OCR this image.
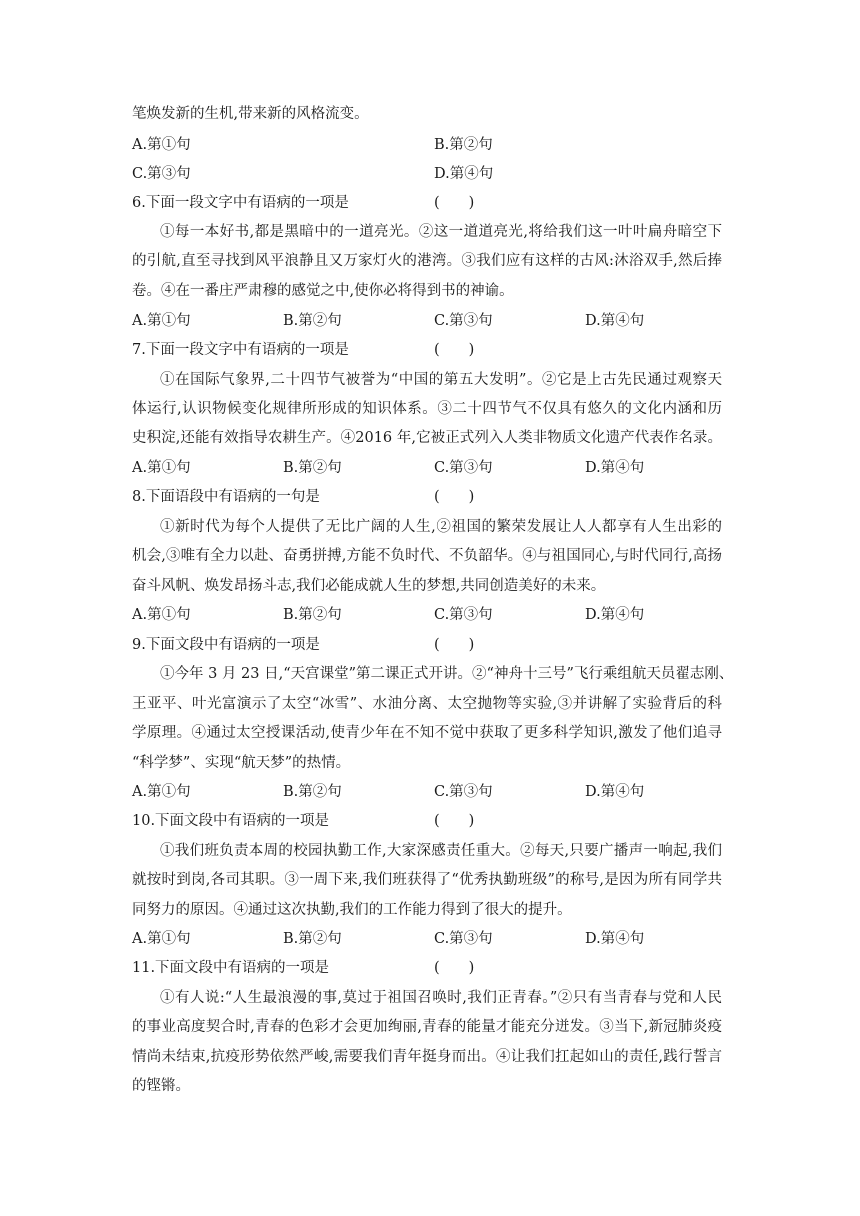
笔焕发新的生机,带来新的风格流变。
A.第①句	B.第②句
C.第③句	D.第④句
6.下面一段文字中有语病的一项是	(　　)
①每一本好书,都是黑暗中的一道亮光。②这一道道亮光,将给我们这一叶叶扁舟暗空下
的引航,直至寻找到风平浪静且又万家灯火的港湾。③我们应有这样的古风:沐浴双手,然后捧
卷。④在一番庄严肃穆的感觉之中,使你必将得到书的神谕。
A.第①句	B.第②句	C.第③句	D.第④句
7.下面一段文字中有语病的一项是	(　　)
①在国际气象界,二十四节气被誉为“中国的第五大发明”。②它是上古先民通过观察天
体运行,认识物候变化规律所形成的知识体系。③二十四节气不仅具有悠久的文化内涵和历
史积淀,还能有效指导农耕生产。④2016 年,它被正式列入人类非物质文化遗产代表作名录。
A.第①句	B.第②句	C.第③句	D.第④句
8.下面语段中有语病的一句是	(　　)
①新时代为每个人提供了无比广阔的人生,②祖国的繁荣发展让人人都享有人生出彩的
机会,③唯有全力以赴、奋勇拼搏,方能不负时代、不负韶华。④与祖国同心,与时代同行,高扬
奋斗风帆、焕发昂扬斗志,我们必能成就人生的梦想,共同创造美好的未来。
A.第①句	B.第②句	C.第③句	D.第④句
9.下面文段中有语病的一项是	(　　)
①今年 3 月 23 日,“天宫课堂”第二课正式开讲。②“神舟十三号”飞行乘组航天员翟志刚、
王亚平、叶光富演示了太空“冰雪”、水油分离、太空抛物等实验,③并讲解了实验背后的科
学原理。④通过太空授课活动,使青少年在不知不觉中获取了更多科学知识,激发了他们追寻
“科学梦”、实现“航天梦”的热情。
A.第①句	B.第②句	C.第③句	D.第④句
10.下面文段中有语病的一项是	(　　)
①我们班负责本周的校园执勤工作,大家深感责任重大。②每天,只要广播声一响起,我们
就按时到岗,各司其职。③一周下来,我们班获得了“优秀执勤班级”的称号,是因为所有同学共
同努力的原因。④通过这次执勤,我们的工作能力得到了很大的提升。
A.第①句	B.第②句	C.第③句	D.第④句
11.下面文段中有语病的一项是	(　　)
①有人说:“人生最浪漫的事,莫过于祖国召唤时,我们正青春。”②只有当青春与党和人民
的事业高度契合时,青春的色彩才会更加绚丽,青春的能量才能充分迸发。③当下,新冠肺炎疫
情尚未结束,抗疫形势依然严峻,需要我们青年挺身而出。④让我们扛起如山的责任,践行誓言
的铿锵。
